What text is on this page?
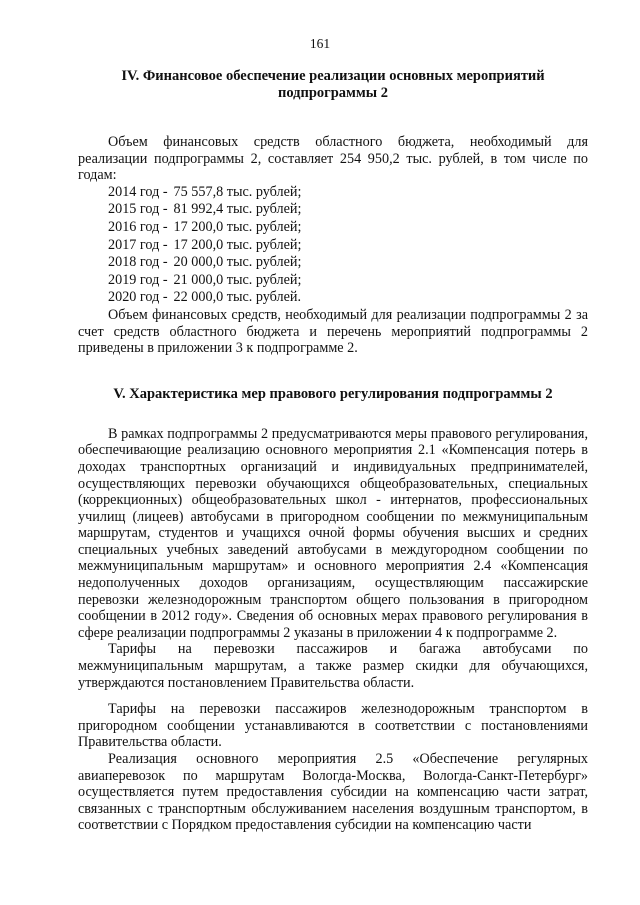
161
IV. Финансовое обеспечение реализации основных мероприятий
подпрограммы 2

Объем финансовых средств областного бюджета, необходимый для реализации подпрограммы 2, составляет 254 950,2 тыс. рублей, в том числе по годам:

2014 год - 75 557,8 тыс. рублей;
2015 год - 81 992,4 тыс. рублей;
2016 год - 17 200,0 тыс. рублей;
2017 год - 17 200,0 тыс. рублей;
2018 год - 20 000,0 тыс. рублей;
2019 год - 21 000,0 тыс. рублей;
2020 год - 22 000,0 тыс. рублей.

Объем финансовых средств, необходимый для реализации подпрограммы 2 за счет средств областного бюджета и перечень мероприятий подпрограммы 2 приведены в приложении 3 к подпрограмме 2.

V. Характеристика мер правового регулирования подпрограммы 2

В рамках подпрограммы 2 предусматриваются меры правового регулирования, обеспечивающие реализацию основного мероприятия 2.1 «Компенсация потерь в доходах транспортных организаций и индивидуальных предпринимателей, осуществляющих перевозки обучающихся общеобразовательных, специальных (коррекционных) общеобразовательных школ - интернатов, профессиональных училищ (лицеев) автобусами в пригородном сообщении по межмуниципальным маршрутам, студентов и учащихся очной формы обучения высших и средних специальных учебных заведений автобусами в междугородном сообщении по межмуниципальным маршрутам» и основного мероприятия 2.4 «Компенсация недополученных доходов организациям, осуществляющим пассажирские перевозки железнодорожным транспортом общего пользования в пригородном сообщении в 2012 году». Сведения об основных мерах правового регулирования в сфере реализации подпрограммы 2 указаны в приложении 4 к подпрограмме 2.

Тарифы на перевозки пассажиров и багажа автобусами по межмуниципальным маршрутам, а также размер скидки для обучающихся, утверждаются постановлением Правительства области.

Тарифы на перевозки пассажиров железнодорожным транспортом в пригородном сообщении устанавливаются в соответствии с постановлениями Правительства области.

Реализация основного мероприятия 2.5 «Обеспечение регулярных авиаперевозок по маршрутам Вологда-Москва, Вологда-Санкт-Петербург» осуществляется путем предоставления субсидии на компенсацию части затрат, связанных с транспортным обслуживанием населения воздушным транспортом, в соответствии с Порядком предоставления субсидии на компенсацию части
